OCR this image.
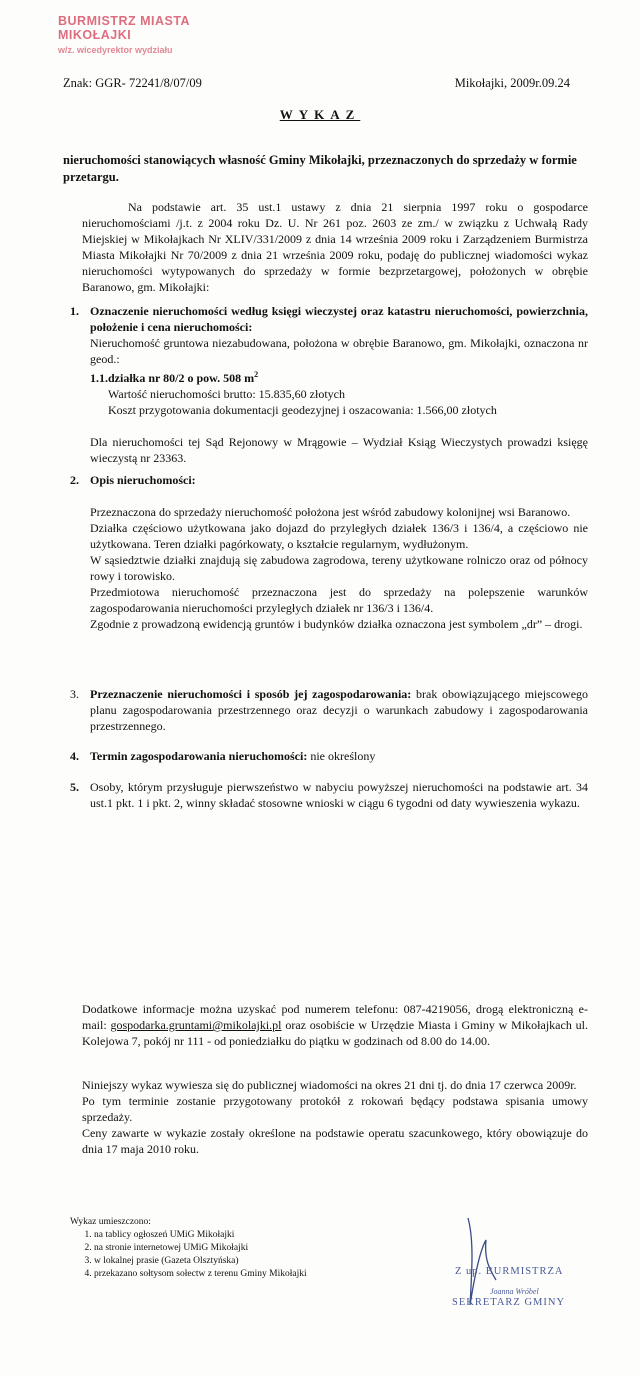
BURMISTRZ MIASTA MIKOŁAJKI
w/z. wicedyrektor wydziału
Znak: GGR- 72241/8/07/09	Mikołajki, 2009r.09.24
WYKAZ
nieruchomości stanowiących własność Gminy Mikołajki, przeznaczonych do sprzedaży w formie przetargu.

Na podstawie art. 35 ust.1 ustawy z dnia 21 sierpnia 1997 roku o gospodarce nieruchomościami /j.t. z 2004 roku Dz. U. Nr 261 poz. 2603 ze zm./ w związku z Uchwałą Rady Miejskiej w Mikołajkach Nr XLIV/331/2009 z dnia 14 września 2009 roku i Zarządzeniem Burmistrza Miasta Mikołajki Nr 70/2009 z dnia 21 września 2009 roku, podaję do publicznej wiadomości wykaz nieruchomości wytypowanych do sprzedaży w formie bezprzetargowej, położonych w obrębie Baranowo, gm. Mikołajki:

1. Oznaczenie nieruchomości według księgi wieczystej oraz katastru nieruchomości, powierzchnia, położenie i cena nieruchomości:
Nieruchomość gruntowa niezabudowana, położona w obrębie Baranowo, gm. Mikołajki, oznaczona nr geod.:
1.1.działka nr 80/2 o pow. 508 $m^2$
Wartość nieruchomości brutto: 15.835,60 złotych
Koszt przygotowania dokumentacji geodezyjnej i oszacowania: 1.566,00 złotych
Dla nieruchomości tej Sąd Rejonowy w Mrągowie – Wydział Ksiąg Wieczystych prowadzi księgę wieczystą nr 23363.
2. Opis nieruchomości:
Przeznaczona do sprzedaży nieruchomość położona jest wśród zabudowy kolonijnej wsi Baranowo.
Działka częściowo użytkowana jako dojazd do przyległych działek 136/3 i 136/4, a częściowo nie użytkowana. Teren działki pagórkowaty, o kształcie regularnym, wydłużonym.
W sąsiedztwie działki znajdują się zabudowa zagrodowa, tereny użytkowane rolniczo oraz od północy rowy i torowisko.
Przedmiotowa nieruchomość przeznaczona jest do sprzedaży na polepszenie warunków zagospodarowania nieruchomości przyległych działek nr 136/3 i 136/4.
Zgodnie z prowadzoną ewidencją gruntów i budynków działka oznaczona jest symbolem „dr” – drogi.
3. Przeznaczenie nieruchomości i sposób jej zagospodarowania: brak obowiązującego miejscowego planu zagospodarowania przestrzennego oraz decyzji o warunkach zabudowy i zagospodarowania przestrzennego.
4. Termin zagospodarowania nieruchomości: nie określony
5. Osoby, którym przysługuje pierwszeństwo w nabyciu powyższej nieruchomości na podstawie art. 34 ust.1 pkt. 1 i pkt. 2, winny składać stosowne wnioski w ciągu 6 tygodni od daty wywieszenia wykazu.

Dodatkowe informacje można uzyskać pod numerem telefonu: 087-4219056, drogą elektroniczną e-mail: gospodarka.gruntami@mikolajki.pl oraz osobiście w Urzędzie Miasta i Gminy w Mikołajkach ul. Kolejowa 7, pokój nr 111 - od poniedziałku do piątku w godzinach od 8.00 do 14.00.

Niniejszy wykaz wywiesza się do publicznej wiadomości na okres 21 dni tj. do dnia 17 czerwca 2009r.
Po tym terminie zostanie przygotowany protokół z rokowań będący podstawa spisania umowy sprzedaży.
Ceny zawarte w wykazie zostały określone na podstawie operatu szacunkowego, który obowiązuje do dnia 17 maja 2010 roku.
Wykaz umieszczono:
1. na tablicy ogłoszeń UMiG Mikołajki
2. na stronie internetowej UMiG Mikołajki
3. w lokalnej prasie (Gazeta Olsztyńska)
4. przekazano sołtysom sołectw z terenu Gminy Mikołajki	Z up. BURMISTRZA
Joanna Wróbel
SEKRETARZ GMINY
